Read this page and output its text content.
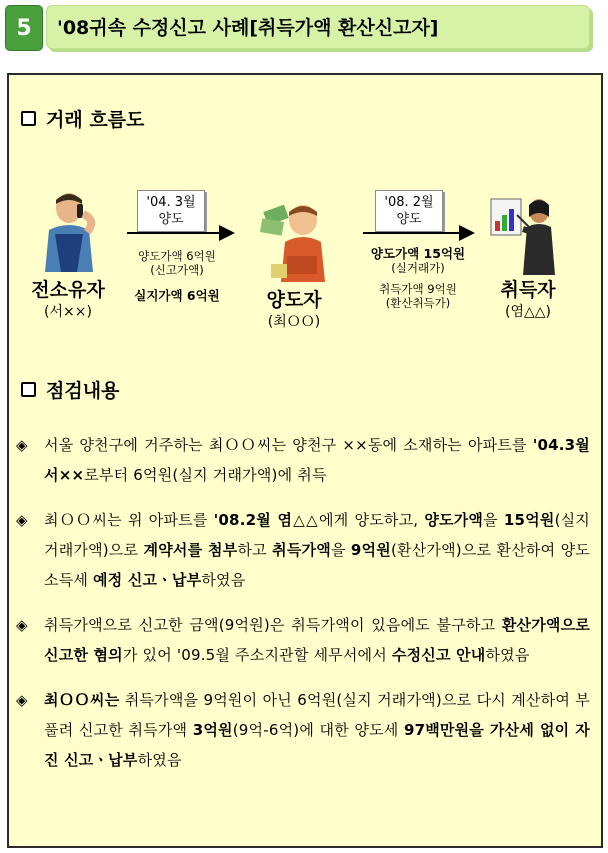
5	'08귀속 수정신고 사례[취득가액 환산신고자]
거래 흐름도
전소유자
(서××)
'04. 3월
양도
양도가액 6억원
(신고가액)
실지가액 6억원	양도자
(최ＯＯ)
'08. 2월
양도
양도가액 15억원
(실거래가)
취득가액 9억원
(환산취득가)
취득자
(염△△)
점검내용
◈ 서울 양천구에 거주하는 최ＯＯ씨는 양천구 ××동에 소재하는 아파트를 '04.3월 서××로부터 6억원(실지 거래가액)에 취득
◈ 최ＯＯ씨는 위 아파트를 '08.2월 염△△에게 양도하고, 양도가액을 15억원(실지 거래가액)으로 계약서를 첨부하고 취득가액을 9억원(환산가액)으로 환산하여 양도소득세 예정 신고ㆍ납부하였음
◈ 취득가액으로 신고한 금액(9억원)은 취득가액이 있음에도 불구하고 환산가액으로 신고한 혐의가 있어 '09.5월 주소지관할 세무서에서 수정신고 안내하였음
◈ 최ＯＯ씨는 취득가액을 9억원이 아닌 6억원(실지 거래가액)으로 다시 계산하여 부풀려 신고한 취득가액 3억원(9억-6억)에 대한 양도세 97백만원을 가산세 없이 자진 신고ㆍ납부하였음
